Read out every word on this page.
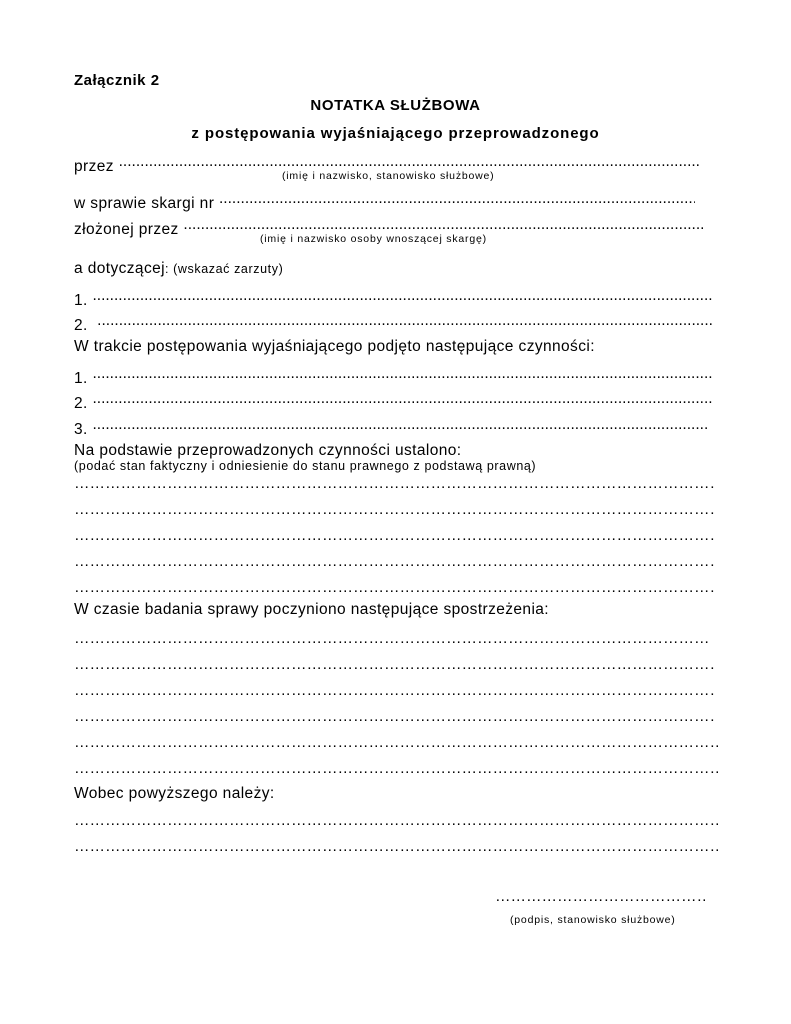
Załącznik 2
NOTATKA SŁUŻBOWA
z postępowania wyjaśniającego przeprowadzonego
przez .....
(imię i nazwisko, stanowisko służbowe)
w sprawie skargi nr .....
złożonej przez .....
(imię i nazwisko osoby wnoszącej skargę)
a dotyczącej: (wskazać zarzuty)
1. .....
2.  .....
W trakcie postępowania wyjaśniającego podjęto następujące czynności:
1. .....
2. .....
3. .....
Na podstawie przeprowadzonych czynności ustalono:
(podać stan faktyczny i odniesienie do stanu prawnego z podstawą prawną)
………………………………………………………………………………………………………………………………………………………………………………………………………………………………………
………………………………………………………………………………………………………………………………………………………………………………………………………………………………………
………………………………………………………………………………………………………………………………………………………………………………………………………………………………………
………………………………………………………………………………………………………………………………………………………………………………………………………………………………………
………………………………………………………………………………………………………………………………………………………………………………………………………………………………………
W czasie badania sprawy poczyniono następujące spostrzeżenia:
………………………………………………………………………………………………………………………………………………………………………………………………………………………………………
………………………………………………………………………………………………………………………………………………………………………………………………………………………………………
………………………………………………………………………………………………………………………………………………………………………………………………………………………………………
………………………………………………………………………………………………………………………………………………………………………………………………………………………………………
………………………………………………………………………………………………………………………………………………………………………………………………………………………………………
………………………………………………………………………………………………………………………………………………………………………………………………………………………………………
Wobec powyższego należy:
………………………………………………………………………………………………………………………………………………………………………………………………………………………………………
………………………………………………………………………………………………………………………………………………………………………………………………………………………………………
………………………………………………………………………………………………………………………………………………………………………………………………………………………………………
(podpis, stanowisko służbowe)
